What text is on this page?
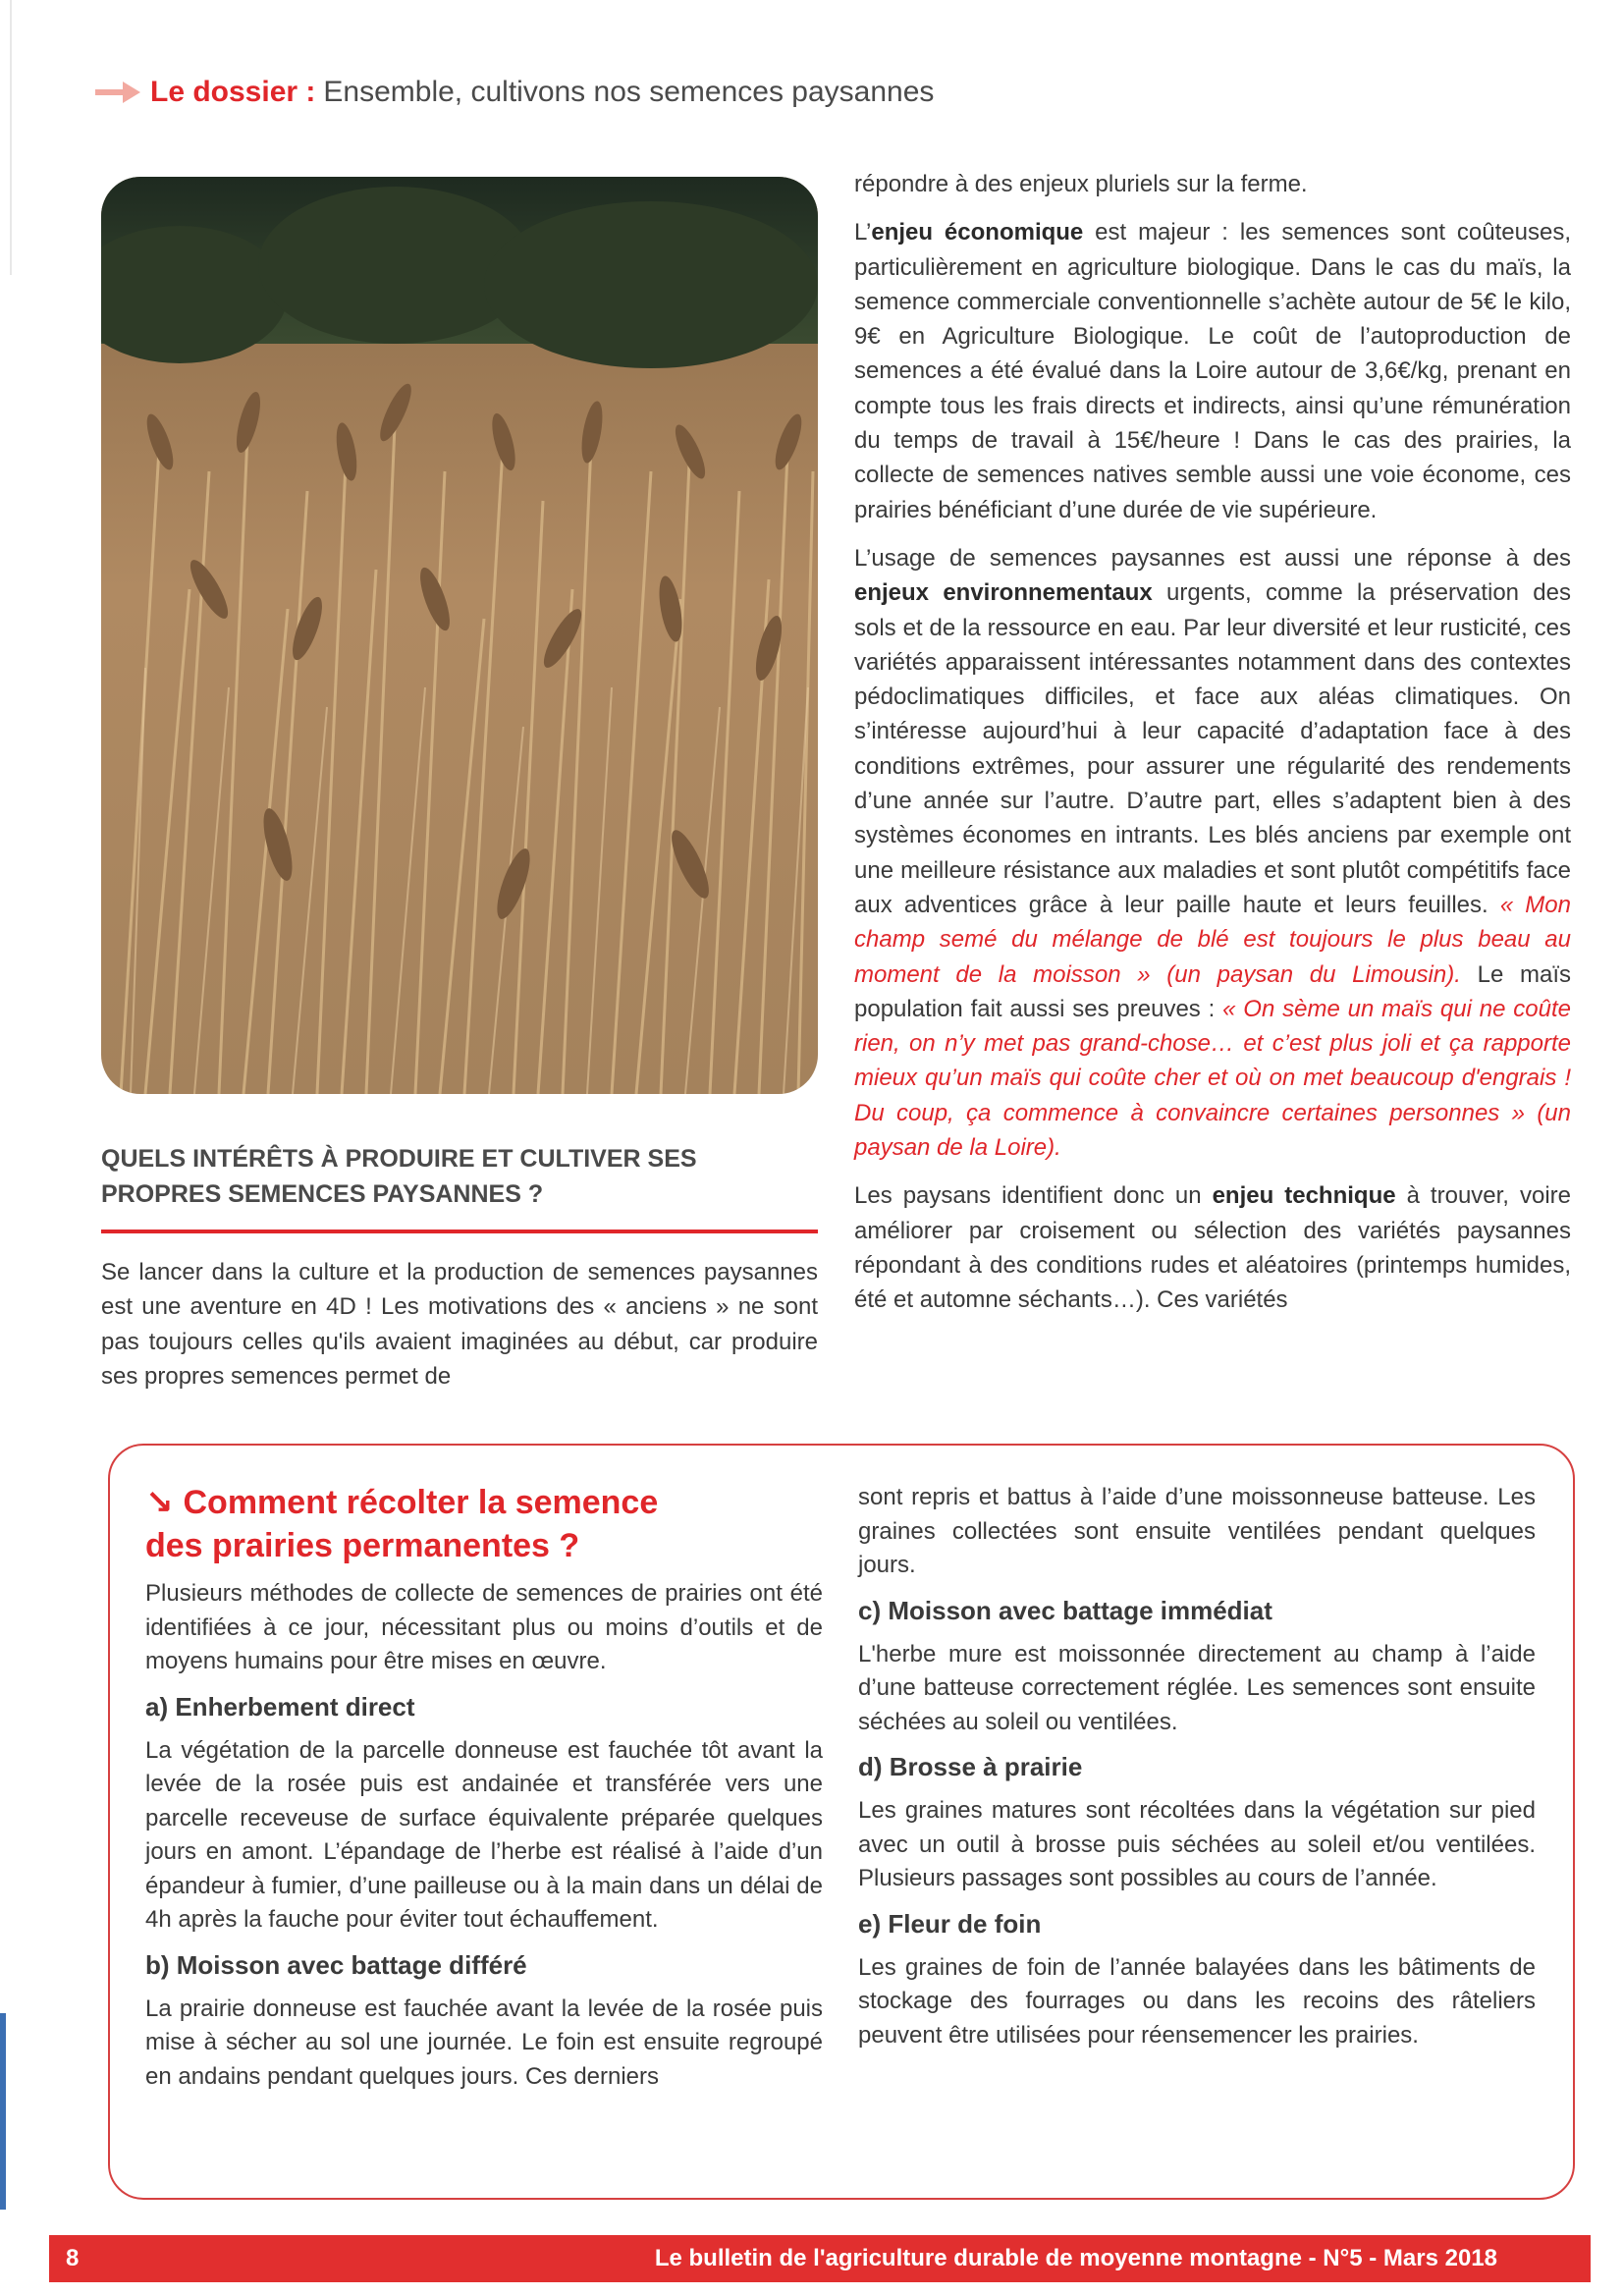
Le dossier : Ensemble, cultivons nos semences paysannes
QUELS INTÉRÊTS À PRODUIRE ET CULTIVER SES PROPRES SEMENCES PAYSANNES ?

Se lancer dans la culture et la production de semences paysannes est une aventure en 4D ! Les motivations des « anciens » ne sont pas toujours celles qu'ils avaient imaginées au début, car produire ses propres semences permet de

répondre à des enjeux pluriels sur la ferme.

L’enjeu économique est majeur : les semences sont coûteuses, particulièrement en agriculture biologique. Dans le cas du maïs, la semence commerciale conventionnelle s’achète autour de 5€ le kilo, 9€ en Agriculture Biologique. Le coût de l’autoproduction de semences a été évalué dans la Loire autour de 3,6€/kg, prenant en compte tous les frais directs et indirects, ainsi qu’une rémunération du temps de travail à 15€/heure ! Dans le cas des prairies, la collecte de semences natives semble aussi une voie économe, ces prairies bénéficiant d’une durée de vie supérieure.

L’usage de semences paysannes est aussi une réponse à des enjeux environnementaux urgents, comme la préservation des sols et de la ressource en eau. Par leur diversité et leur rusticité, ces variétés apparaissent intéressantes notamment dans des contextes pédoclimatiques difficiles, et face aux aléas climatiques. On s’intéresse aujourd’hui à leur capacité d’adaptation face à des conditions extrêmes, pour assurer une régularité des rendements d’une année sur l’autre. D’autre part, elles s’adaptent bien à des systèmes économes en intrants. Les blés anciens par exemple ont une meilleure résistance aux maladies et sont plutôt compétitifs face aux adventices grâce à leur paille haute et leurs feuilles. « Mon champ semé du mélange de blé est toujours le plus beau au moment de la moisson » (un paysan du Limousin). Le maïs population fait aussi ses preuves : « On sème un maïs qui ne coûte rien, on n’y met pas grand-chose… et c’est plus joli et ça rapporte mieux qu’un maïs qui coûte cher et où on met beaucoup d'engrais ! Du coup, ça commence à convaincre certaines personnes » (un paysan de la Loire).

Les paysans identifient donc un enjeu technique à trouver, voire améliorer par croisement ou sélection des variétés paysannes répondant à des conditions rudes et aléatoires (printemps humides, été et automne séchants…). Ces variétés

↘ Comment récolter la semence
des prairies permanentes ?

Plusieurs méthodes de collecte de semences de prairies ont été identifiées à ce jour, nécessitant plus ou moins d’outils et de moyens humains pour être mises en œuvre.

a) Enherbement direct

La végétation de la parcelle donneuse est fauchée tôt avant la levée de la rosée puis est andainée et transférée vers une parcelle receveuse de surface équivalente préparée quelques jours en amont. L’épandage de l’herbe est réalisé à l’aide d’un épandeur à fumier, d’une pailleuse ou à la main dans un délai de 4h après la fauche pour éviter tout échauffement.

b) Moisson avec battage différé

La prairie donneuse est fauchée avant la levée de la rosée puis mise à sécher au sol une journée. Le foin est ensuite regroupé en andains pendant quelques jours. Ces derniers

sont repris et battus à l’aide d’une moissonneuse batteuse. Les graines collectées sont ensuite ventilées pendant quelques jours.

c) Moisson avec battage immédiat

L'herbe mure est moissonnée directement au champ à l’aide d’une batteuse correctement réglée. Les semences sont ensuite séchées au soleil ou ventilées.

d) Brosse à prairie

Les graines matures sont récoltées dans la végétation sur pied avec un outil à brosse puis séchées au soleil et/ou ventilées. Plusieurs passages sont possibles au cours de l’année.

e) Fleur de foin

Les graines de foin de l’année balayées dans les bâtiments de stockage des fourrages ou dans les recoins des râteliers peuvent être utilisées pour réensemencer les prairies.

8	Le bulletin de l'agriculture durable de moyenne montagne - N°5 - Mars 2018
